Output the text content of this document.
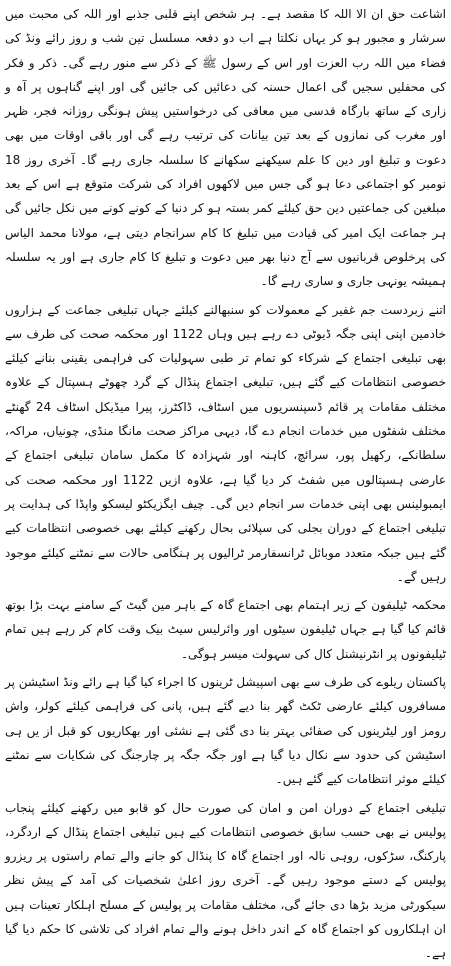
اشاعت حق ان الا اللہ کا مقصد ہے۔ ہر شخص اپنے قلبی جذبے اور اللہ کی محبت میں سرشار و مجبور ہو کر یہاں نکلتا ہے اب دو دفعہ مسلسل تین شب و روز رائے ونڈ کی فضاء میں اللہ رب العزت اور اس کے رسول ﷺ کے ذکر سے منور رہے گی۔ ذکر و فکر کی محفلیں سجیں گی اعمال حسنہ کی دعائیں کی جائیں گی اور اپنے گناہوں پر آہ و زاری کے ساتھ بارگاہ قدسی میں معافی کی درخواستیں پیش ہونگی روزانہ فجر، ظہر اور مغرب کی نمازوں کے بعد تین بیانات کی ترتیب رہے گی اور باقی اوقات میں بھی دعوت و تبلیغ اور دین کا علم سیکھنے سکھانے کا سلسلہ جاری رہے گا۔ آخری روز 18 نومبر کو اجتماعی دعا ہو گی جس میں لاکھوں افراد کی شرکت متوقع ہے اس کے بعد مبلغین کی جماعتیں دین حق کیلئے کمر بستہ ہو کر دنیا کے کونے کونے میں نکل جائیں گی ہر جماعت ایک امیر کی قیادت میں تبلیغ کا کام سرانجام دیتی ہے، مولانا محمد الیاس کی پرخلوص قربانیوں سے آج دنیا بھر میں دعوت و تبلیغ کا کام جاری ہے اور یہ سلسلہ ہمیشہ یونہی جاری و ساری رہے گا۔

اتنے زبردست جم غفیر کے معمولات کو سنبھالنے کیلئے جہاں تبلیغی جماعت کے ہزاروں خادمین اپنی اپنی جگہ ڈیوٹی دے رہے ہیں وہاں 1122 اور محکمہ صحت کی طرف سے بھی تبلیغی اجتماع کے شرکاء کو تمام تر طبی سہولیات کی فراہمی یقینی بنانے کیلئے خصوصی انتظامات کیے گئے ہیں، تبلیغی اجتماع پنڈال کے گرد چھوٹے ہسپتال کے علاوہ مختلف مقامات پر قائم ڈسپنسریوں میں اسٹاف، ڈاکٹرز، پیرا میڈیکل اسٹاف 24 گھنٹے مختلف شفٹوں میں خدمات انجام دے گا، دیہی مراکز صحت مانگا منڈی، چونیاں، مراکہ، سلطانکے، رکھیل پور، سرائچ، کاہنہ اور شہزادہ کا مکمل سامان تبلیغی اجتماع کے عارضی ہسپتالوں میں شفٹ کر دیا گیا ہے، علاوہ ازیں 1122 اور محکمہ صحت کی ایمبولینس بھی اپنی خدمات سر انجام دیں گی۔ چیف ایگزیکٹو لیسکو واپڈا کی ہدایت پر تبلیغی اجتماع کے دوران بجلی کی سپلائی بحال رکھنے کیلئے بھی خصوصی انتظامات کیے گئے ہیں جبکہ متعدد موبائل ٹرانسفارمر ٹرالیوں پر ہنگامی حالات سے نمٹنے کیلئے موجود رہیں گے۔

محکمہ ٹیلیفون کے زیر اہتمام بھی اجتماع گاہ کے باہر مین گیٹ کے سامنے بہت بڑا بوتھ قائم کیا گیا ہے جہاں ٹیلیفون سیٹوں اور وائرلیس سیٹ بیک وقت کام کر رہے ہیں تمام ٹیلیفونوں پر انٹرنیشنل کال کی سہولت میسر ہوگی۔

پاکستان ریلوے کی طرف سے بھی اسپیشل ٹرینوں کا اجراء کیا گیا ہے رائے ونڈ اسٹیشن پر مسافروں کیلئے عارضی ٹکٹ گھر بنا دیے گئے ہیں، پانی کی فراہمی کیلئے کولر، واش رومز اور لیٹرینوں کی صفائی بہتر بنا دی گئی ہے نشئی اور بھکاریوں کو قبل از یں ہی اسٹیشن کی حدود سے نکال دیا گیا ہے اور جگہ جگہ پر چارجنگ کی شکایات سے نمٹنے کیلئے موثر انتظامات کیے گئے ہیں۔

تبلیغی اجتماع کے دوران امن و امان کی صورت حال کو قابو میں رکھنے کیلئے پنجاب پولیس نے بھی حسب سابق خصوصی انتظامات کیے ہیں تبلیغی اجتماع پنڈال کے اردگرد، پارکنگ، سڑکوں، روہی نالہ اور اجتماع گاہ کا پنڈال کو جانے والے تمام راستوں پر ریزرو پولیس کے دستے موجود رہیں گے۔ آخری روز اعلیٰ شخصیات کی آمد کے پیش نظر سیکورٹی مزید بڑھا دی جائے گی، مختلف مقامات پر پولیس کے مسلح اہلکار تعینات ہیں ان اہلکاروں کو اجتماع گاہ کے اندر داخل ہونے والے تمام افراد کی تلاشی کا حکم دیا گیا ہے۔
